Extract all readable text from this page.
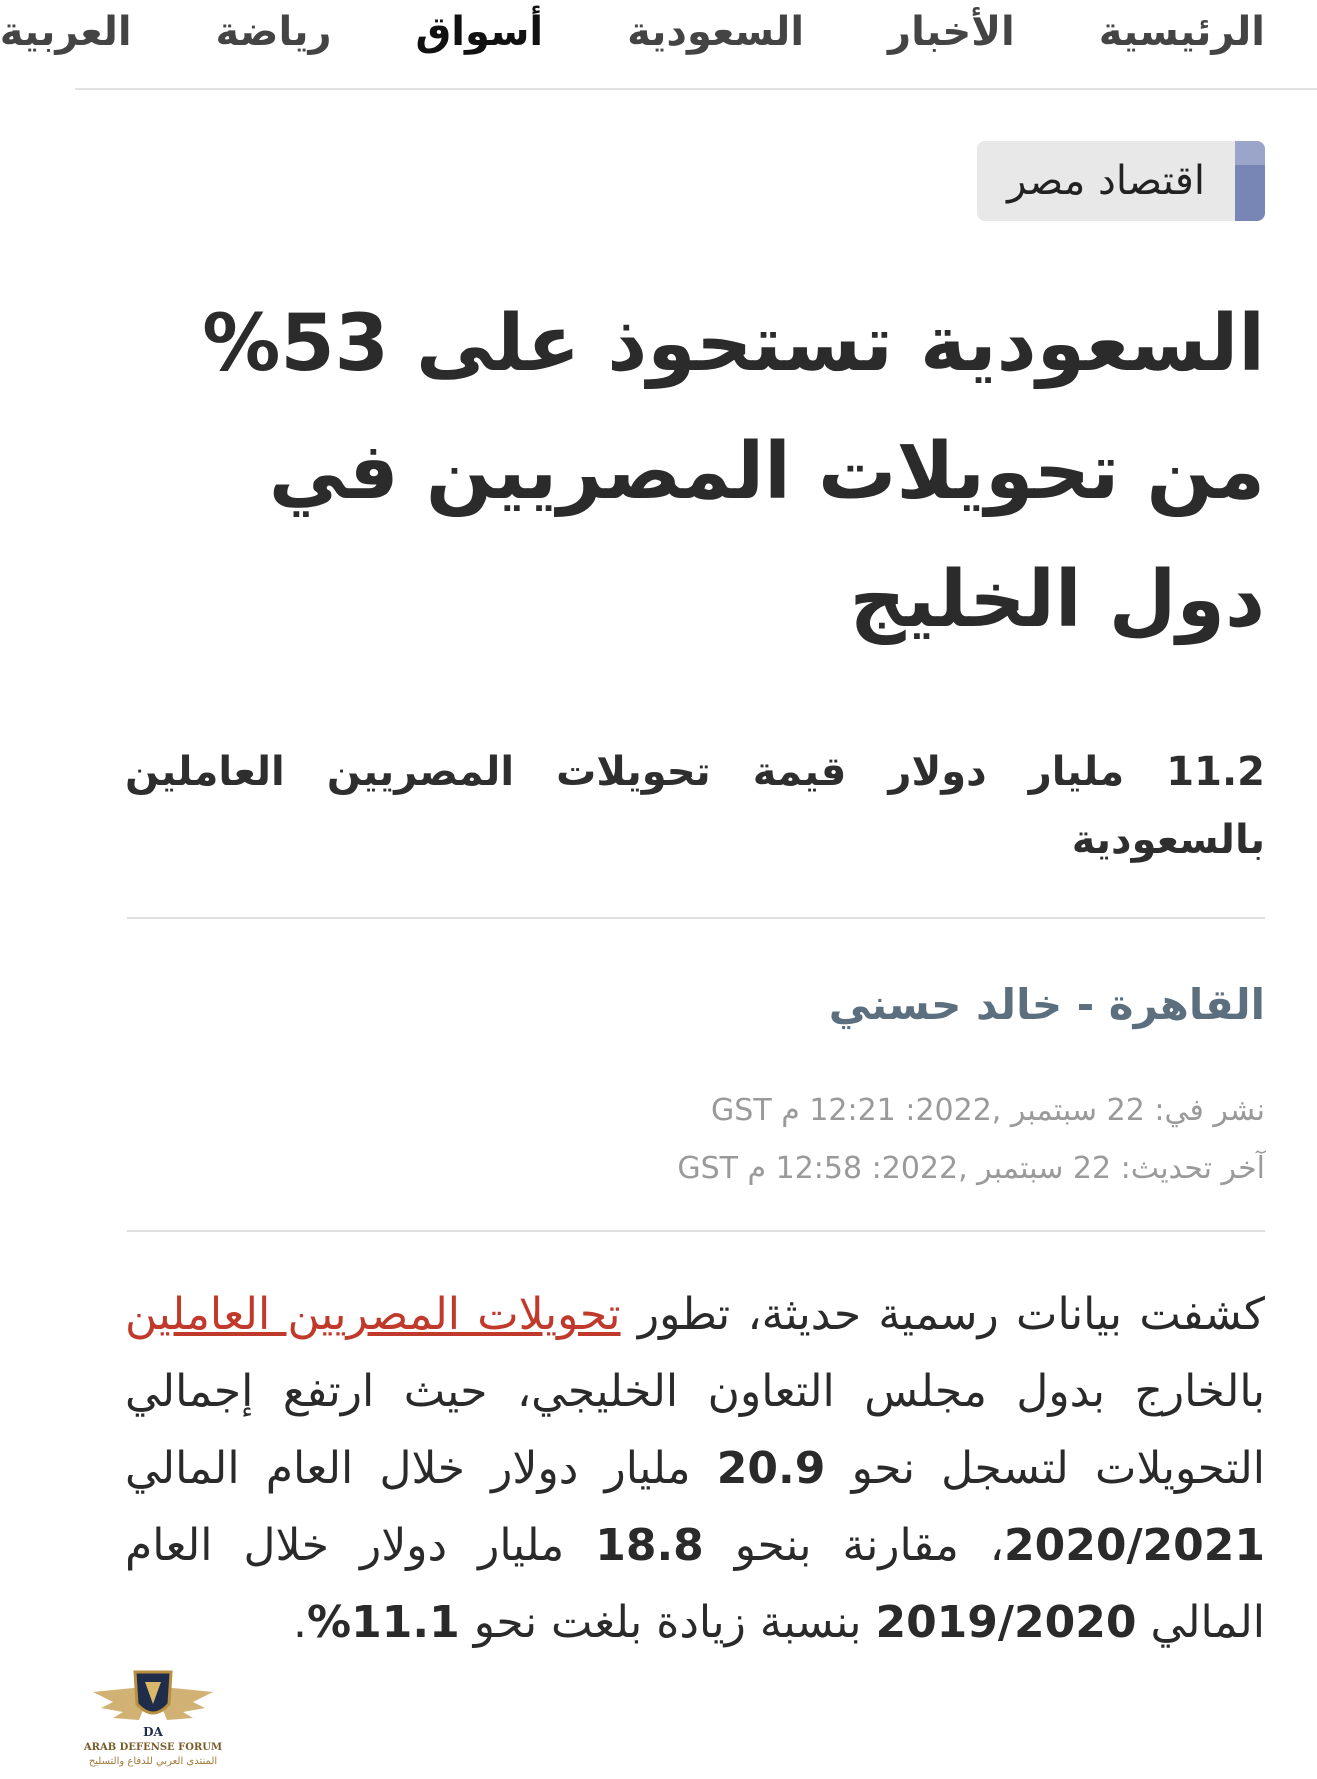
الرئيسية
الأخبار
السعودية
أسواق
رياضة
العربية
اقتصاد مصر
السعودية تستحوذ على 53% من تحويلات المصريين في دول الخليج
11.2 مليار دولار قيمة تحويلات المصريين العاملين بالسعودية
القاهرة - خالد حسني
نشر في: 22 سبتمبر ,2022: 12:21 م GST
آخر تحديث: 22 سبتمبر ,2022: 12:58 م GST

كشفت بيانات رسمية حديثة، تطور تحويلات المصريين العاملين بالخارج بدول مجلس التعاون الخليجي، حيث ارتفع إجمالي التحويلات لتسجل نحو 20.9 مليار دولار خلال العام المالي 2020/2021، مقارنة بنحو 18.8 مليار دولار خلال العام المالي 2019/2020 بنسبة زيادة بلغت نحو 11.1%.

DA
ARAB DEFENSE FORUM
المنتدى العربي للدفاع والتسليح
